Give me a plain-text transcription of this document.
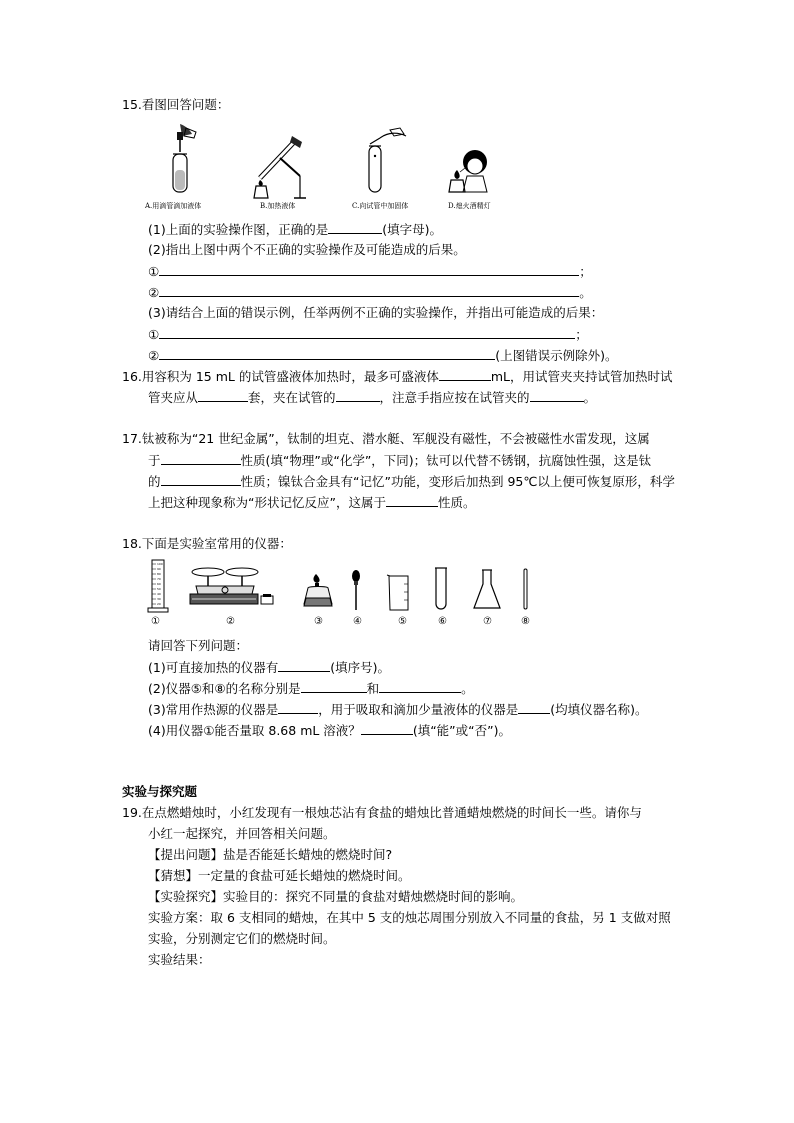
15.看图回答问题：
A.用滴管滴加液体	B.加热液体	C.向试管中加固体	D.熄火酒精灯
(1)上面的实验操作图，正确的是	(填字母)。
(2)指出上图中两个不正确的实验操作及可能造成的后果。
①	；
②	。
(3)请结合上面的错误示例，任举两例不正确的实验操作，并指出可能造成的后果：
①	；
②	(上图错误示例除外)。
16.用容积为 15 mL 的试管盛液体加热时，最多可盛液体	mL，用试管夹夹持试管加热时试
管夹应从	套，夹在试管的	，注意手指应按在试管夹的	。
17.钛被称为“21 世纪金属”，钛制的坦克、潜水艇、军舰没有磁性，不会被磁性水雷发现，这属
于	性质(填“物理”或“化学”，下同)；钛可以代替不锈钢，抗腐蚀性强，这是钛
的	性质；镍钛合金具有“记忆”功能，变形后加热到 95℃以上便可恢复原形，科学
上把这种现象称为“形状记忆反应”，这属于	性质。
18.下面是实验室常用的仪器：
100
90
80
70
60
50
40
30
20
①	②	③	④	⑤	⑥	⑦	⑧
请回答下列问题：
(1)可直接加热的仪器有	(填序号)。
(2)仪器⑤和⑧的名称分别是	和	。
(3)常用作热源的仪器是	，用于吸取和滴加少量液体的仪器是	(均填仪器名称)。
(4)用仪器①能否量取 8.68 mL 溶液？	(填“能”或“否”)。
实验与探究题
19.在点燃蜡烛时，小红发现有一根烛芯沾有食盐的蜡烛比普通蜡烛燃烧的时间长一些。请你与
小红一起探究，并回答相关问题。
【提出问题】盐是否能延长蜡烛的燃烧时间?
【猜想】一定量的食盐可延长蜡烛的燃烧时间。
【实验探究】实验目的：探究不同量的食盐对蜡烛燃烧时间的影响。
实验方案：取 6 支相同的蜡烛，在其中 5 支的烛芯周围分别放入不同量的食盐，另 1 支做对照
实验，分别测定它们的燃烧时间。
实验结果：
